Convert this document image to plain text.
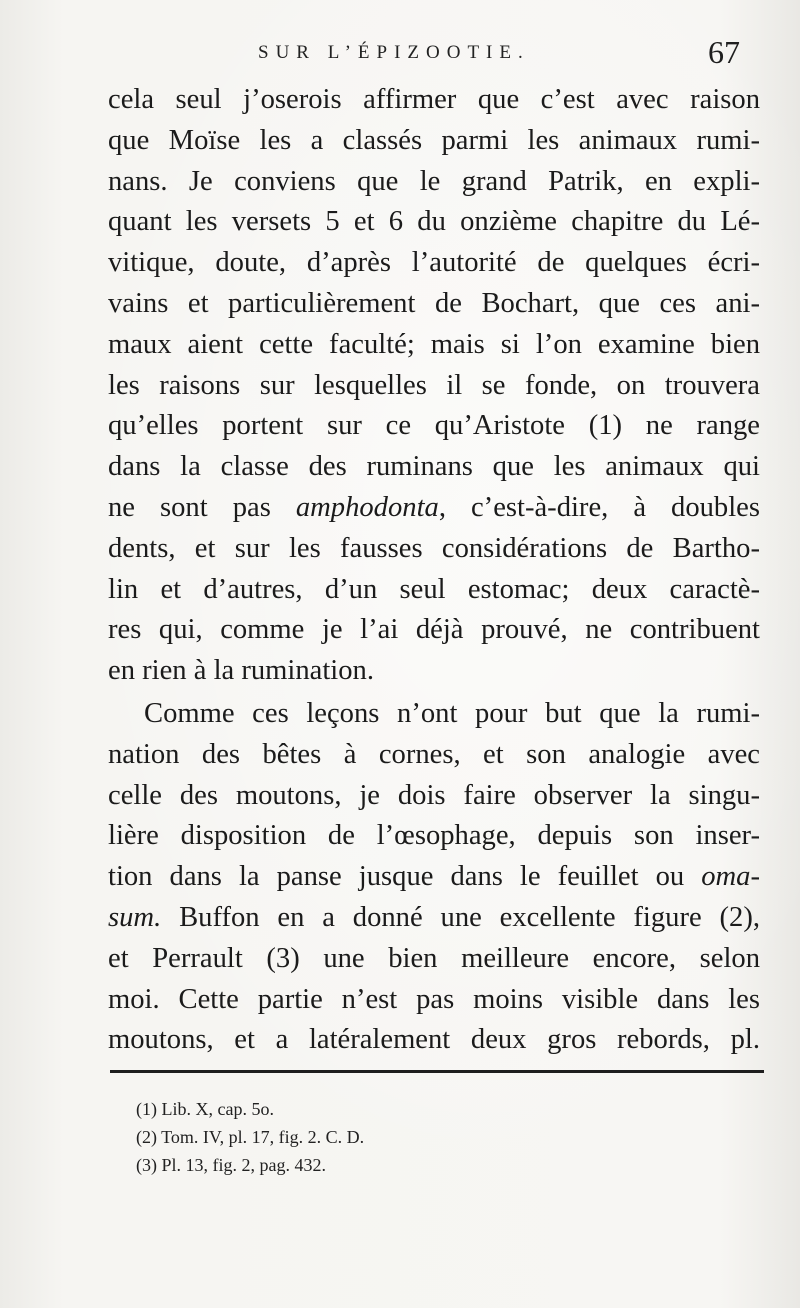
SUR L’ÉPIZOOTIE.	67
cela seul j’oserois affirmer que c’est avec raison
que Moïse les a classés parmi les animaux rumi-
nans. Je conviens que le grand Patrik, en expli-
quant les versets 5 et 6 du onzième chapitre du Lé-
vitique, doute, d’après l’autorité de quelques écri-
vains et particulièrement de Bochart, que ces ani-
maux aient cette faculté; mais si l’on examine bien
les raisons sur lesquelles il se fonde, on trouvera
qu’elles portent sur ce qu’Aristote (1) ne range
dans la classe des ruminans que les animaux qui
ne sont pas amphodonta, c’est-à-dire, à doubles
dents, et sur les fausses considérations de Bartho-
lin et d’autres, d’un seul estomac; deux caractè-
res qui, comme je l’ai déjà prouvé, ne contribuent
en rien à la rumination.
Comme ces leçons n’ont pour but que la rumi-
nation des bêtes à cornes, et son analogie avec
celle des moutons, je dois faire observer la singu-
lière disposition de l’œsophage, depuis son inser-
tion dans la panse jusque dans le feuillet ou oma-
sum. Buffon en a donné une excellente figure (2),
et Perrault (3) une bien meilleure encore, selon
moi. Cette partie n’est pas moins visible dans les
moutons, et a latéralement deux gros rebords, pl.
(1) Lib. X, cap. 5o.
(2) Tom. IV, pl. 17, fig. 2. C. D.
(3) Pl. 13, fig. 2, pag. 432.
